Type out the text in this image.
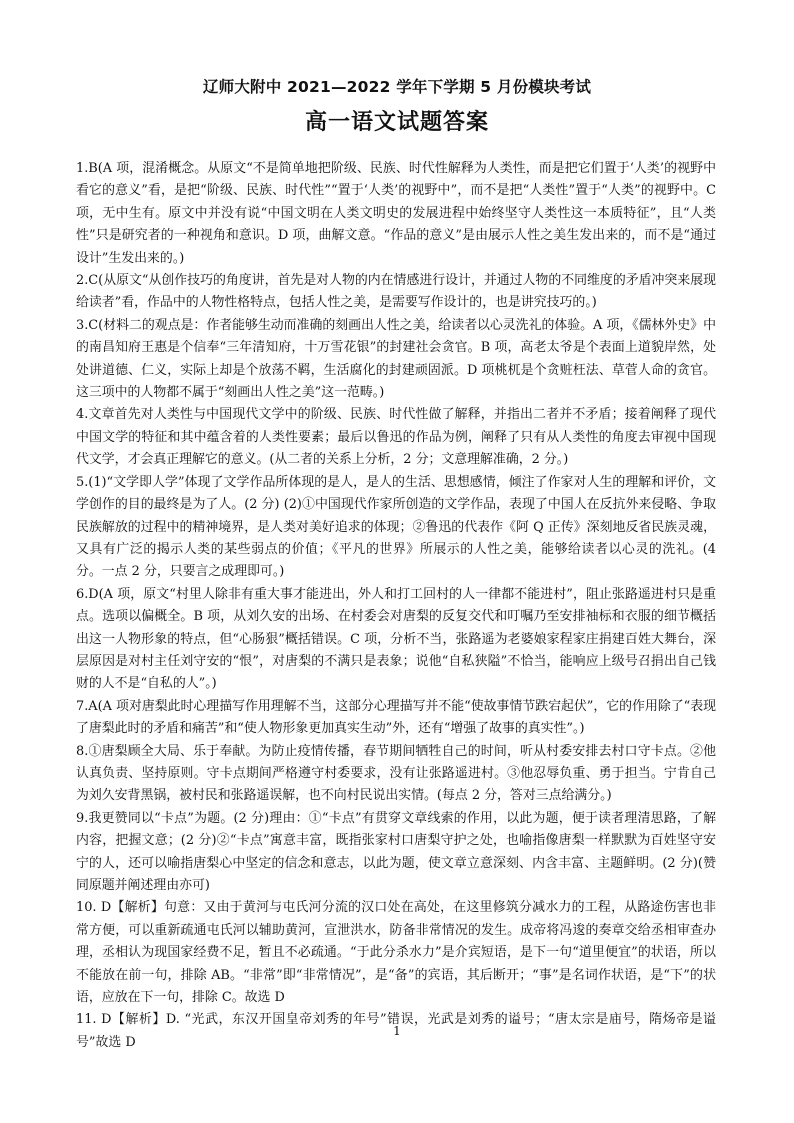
辽师大附中 2021—2022 学年下学期 5 月份模块考试
高一语文试题答案

1.B(A 项，混淆概念。从原文“不是简单地把阶级、民族、时代性解释为人类性，而是把它们置于‘人类’的视野中看它的意义”看，是把“阶级、民族、时代性”“置于‘人类’的视野中”，而不是把“人类性”置于“人类”的视野中。C 项，无中生有。原文中并没有说“中国文明在人类文明史的发展进程中始终坚守人类性这一本质特征”，且“人类性”只是研究者的一种视角和意识。D 项，曲解文意。“作品的意义”是由展示人性之美生发出来的，而不是“通过设计”生发出来的。)

2.C(从原文“从创作技巧的角度讲，首先是对人物的内在情感进行设计，并通过人物的不同维度的矛盾冲突来展现给读者”看，作品中的人物性格特点，包括人性之美，是需要写作设计的，也是讲究技巧的。)

3.C(材料二的观点是：作者能够生动而准确的刻画出人性之美，给读者以心灵洗礼的体验。A 项，《儒林外史》中的南昌知府王惠是个信奉“三年清知府，十万雪花银”的封建社会贪官。B 项，高老太爷是个表面上道貌岸然，处处讲道德、仁义，实际上却是个放荡不羁，生活腐化的封建顽固派。D 项桃杌是个贪赃枉法、草菅人命的贪官。这三项中的人物都不属于“刻画出人性之美”这一范畴。)

4.文章首先对人类性与中国现代文学中的阶级、民族、时代性做了解释，并指出二者并不矛盾；接着阐释了现代中国文学的特征和其中蕴含着的人类性要素；最后以鲁迅的作品为例，阐释了只有从人类性的角度去审视中国现代文学，才会真正理解它的意义。(从二者的关系上分析，2 分；文意理解准确，2 分。)

5.(1)“文学即人学”体现了文学作品所体现的是人，是人的生活、思想感情，倾注了作家对人生的理解和评价，文学创作的目的最终是为了人。(2 分) (2)①中国现代作家所创造的文学作品，表现了中国人在反抗外来侵略、争取民族解放的过程中的精神境界，是人类对美好追求的体现；②鲁迅的代表作《阿 Q 正传》深刻地反省民族灵魂，又具有广泛的揭示人类的某些弱点的价值；《平凡的世界》所展示的人性之美，能够给读者以心灵的洗礼。(4 分。一点 2 分，只要言之成理即可。)

6.D(A 项，原文“村里人除非有重大事才能进出，外人和打工回村的人一律都不能进村”，阻止张路遥进村只是重点。选项以偏概全。B 项，从刘久安的出场、在村委会对唐梨的反复交代和叮嘱乃至安排袖标和衣服的细节概括出这一人物形象的特点，但“心肠狠”概括错误。C 项，分析不当，张路遥为老婆娘家程家庄捐建百姓大舞台，深层原因是对村主任刘守安的“恨”，对唐梨的不满只是表象；说他“自私狭隘”不恰当，能响应上级号召捐出自己钱财的人不是“自私的人”。)

7.A(A 项对唐梨此时心理描写作用理解不当，这部分心理描写并不能“使故事情节跌宕起伏”，它的作用除了“表现了唐梨此时的矛盾和痛苦”和“使人物形象更加真实生动”外，还有“增强了故事的真实性”。)

8.①唐梨顾全大局、乐于奉献。为防止疫情传播，春节期间牺牲自己的时间，听从村委安排去村口守卡点。②他认真负责、坚持原则。守卡点期间严格遵守村委要求，没有让张路遥进村。③他忍辱负重、勇于担当。宁肯自己为刘久安背黑锅，被村民和张路遥误解，也不向村民说出实情。(每点 2 分，答对三点给满分。)

9.我更赞同以“卡点”为题。(2 分)理由：①“卡点”有贯穿文章线索的作用，以此为题，便于读者理清思路，了解内容，把握文意；(2 分)②“卡点”寓意丰富，既指张家村口唐梨守护之处，也喻指像唐梨一样默默为百姓坚守安宁的人，还可以喻指唐梨心中坚定的信念和意志，以此为题，使文章立意深刻、内含丰富、主题鲜明。(2 分)(赞同原题并阐述理由亦可)

10. D【解析】句意：又由于黄河与屯氏河分流的汉口处在高处，在这里修筑分减水力的工程，从路途伤害也非常方便，可以重新疏通屯氏河以辅助黄河，宣泄洪水，防备非常情况的发生。成帝将冯逡的奏章交给丞相审查办理，丞相认为现国家经费不足，暂且不必疏通。“于此分杀水力”是介宾短语，是下一句“道里便宜”的状语，所以不能放在前一句，排除 AB。“非常”即“非常情况”，是“备”的宾语，其后断开；“事”是名词作状语，是“下”的状语，应放在下一句，排除 C。故选 D

11. D【解析】D. “光武，东汉开国皇帝刘秀的年号”错误，光武是刘秀的谥号；“唐太宗是庙号，隋炀帝是谥号”故选 D

1
